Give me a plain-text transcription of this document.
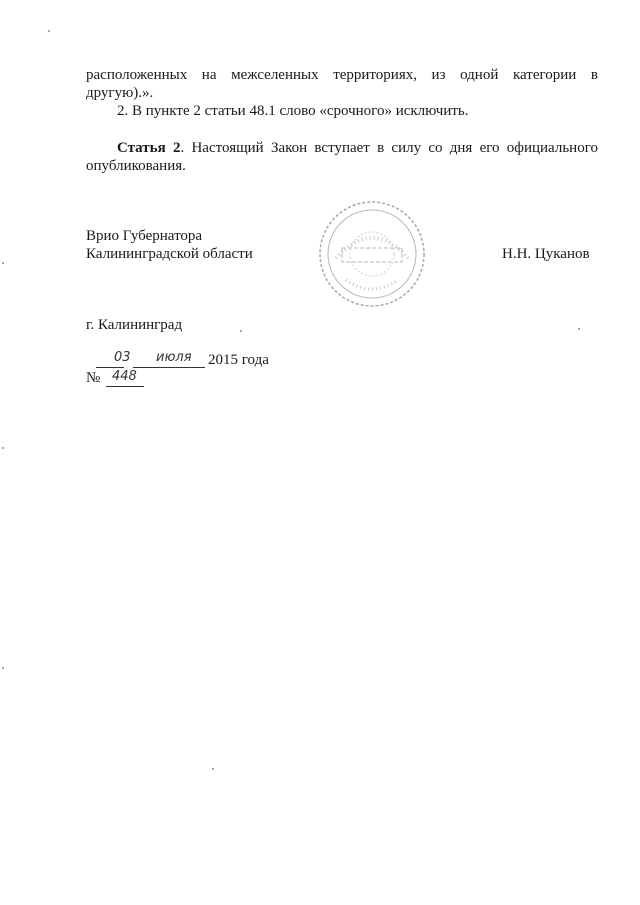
расположенных на межселенных территориях, из одной категории в
другую).».
2. В пункте 2 статьи 48.1 слово «срочного» исключить.
Статья 2. Настоящий Закон вступает в силу со дня его официального
опубликования.
Врио Губернатора
Калининградской области	Н.Н. Цуканов
г. Калининград
03 июля 2015 года
№ 448
